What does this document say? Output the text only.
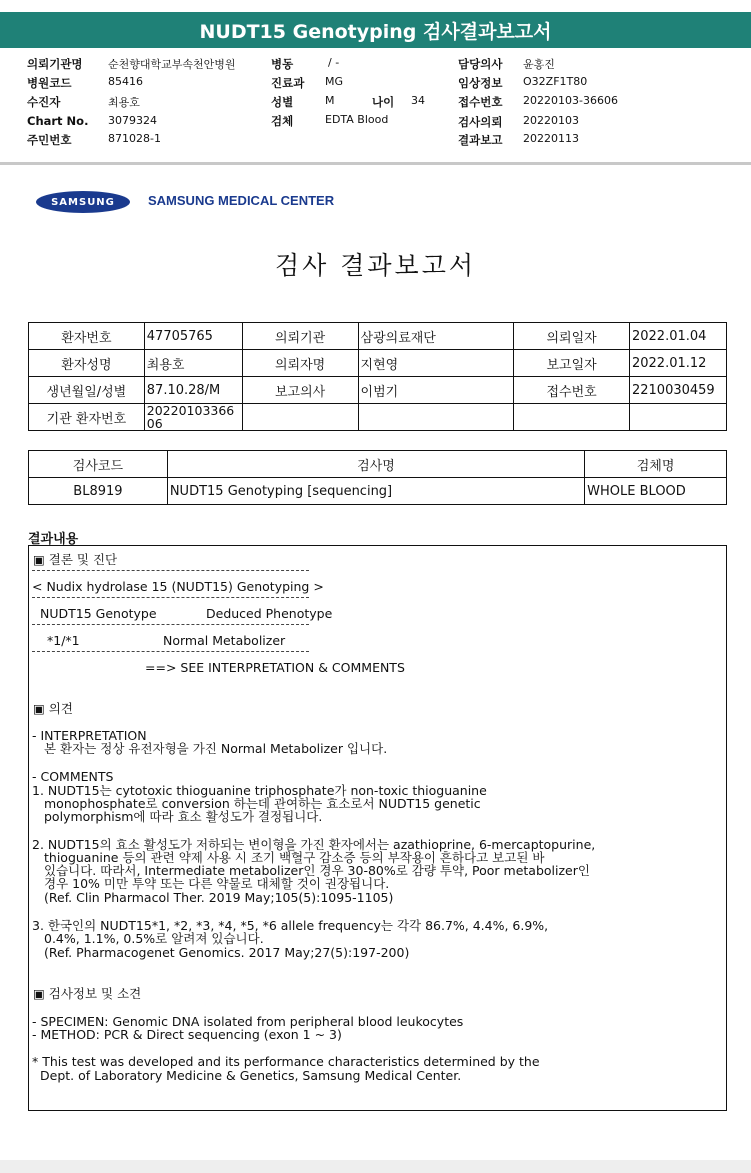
NUDT15 Genotyping 검사결과보고서
의뢰기관명 순천향대학교부속천안병원
병원코드	85416
수진자	최용호
Chart No. 3079324
주민번호	871028-1
병동	/ -
진료과 MG
성별	M	나이 34
검체	EDTA Blood
담당의사 윤홍진
임상정보 O32ZF1T80
접수번호 20220103-36606
검사의뢰 20220103
결과보고 20220113
SAMSUNG	SAMSUNG MEDICAL CENTER
검사 결과보고서
환자번호	47705765	의뢰기관	삼광의료재단	의뢰일자	2022.01.04
환자성명	최용호	의뢰자명	지현영	보고일자	2022.01.12
생년월일/성별	87.10.28/M	보고의사	이범기	접수번호	2210030459
기관 환자번호	2022010336606				
검사코드	검사명	검체명
BL8919	NUDT15 Genotyping [sequencing]	WHOLE BLOOD
결과내용
▣ 결론 및 진단
< Nudix hydrolase 15 (NUDT15) Genotyping >
NUDT15 Genotype	Deduced Phenotype
*1/*1	Normal Metabolizer
==> SEE INTERPRETATION & COMMENTS
▣ 의견
- INTERPRETATION
본 환자는 정상 유전자형을 가진 Normal Metabolizer 입니다.
- COMMENTS
1. NUDT15는 cytotoxic thioguanine triphosphate가 non-toxic thioguanine
monophosphate로 conversion 하는데 관여하는 효소로서 NUDT15 genetic
polymorphism에 따라 효소 활성도가 결정됩니다.
2. NUDT15의 효소 활성도가 저하되는 변이형을 가진 환자에서는 azathioprine, 6-mercaptopurine,
thioguanine 등의 관련 약제 사용 시 조기 백혈구 감소증 등의 부작용이 흔하다고 보고된 바
있습니다. 따라서, Intermediate metabolizer인 경우 30-80%로 감량 투약, Poor metabolizer인
경우 10% 미만 투약 또는 다른 약물로 대체할 것이 권장됩니다.
(Ref. Clin Pharmacol Ther. 2019 May;105(5):1095-1105)
3. 한국인의 NUDT15*1, *2, *3, *4, *5, *6 allele frequency는 각각 86.7%, 4.4%, 6.9%,
0.4%, 1.1%, 0.5%로 알려져 있습니다.
(Ref. Pharmacogenet Genomics. 2017 May;27(5):197-200)
▣ 검사정보 및 소견
- SPECIMEN: Genomic DNA isolated from peripheral blood leukocytes
- METHOD: PCR & Direct sequencing (exon 1 ~ 3)
* This test was developed and its performance characteristics determined by the
Dept. of Laboratory Medicine & Genetics, Samsung Medical Center.
